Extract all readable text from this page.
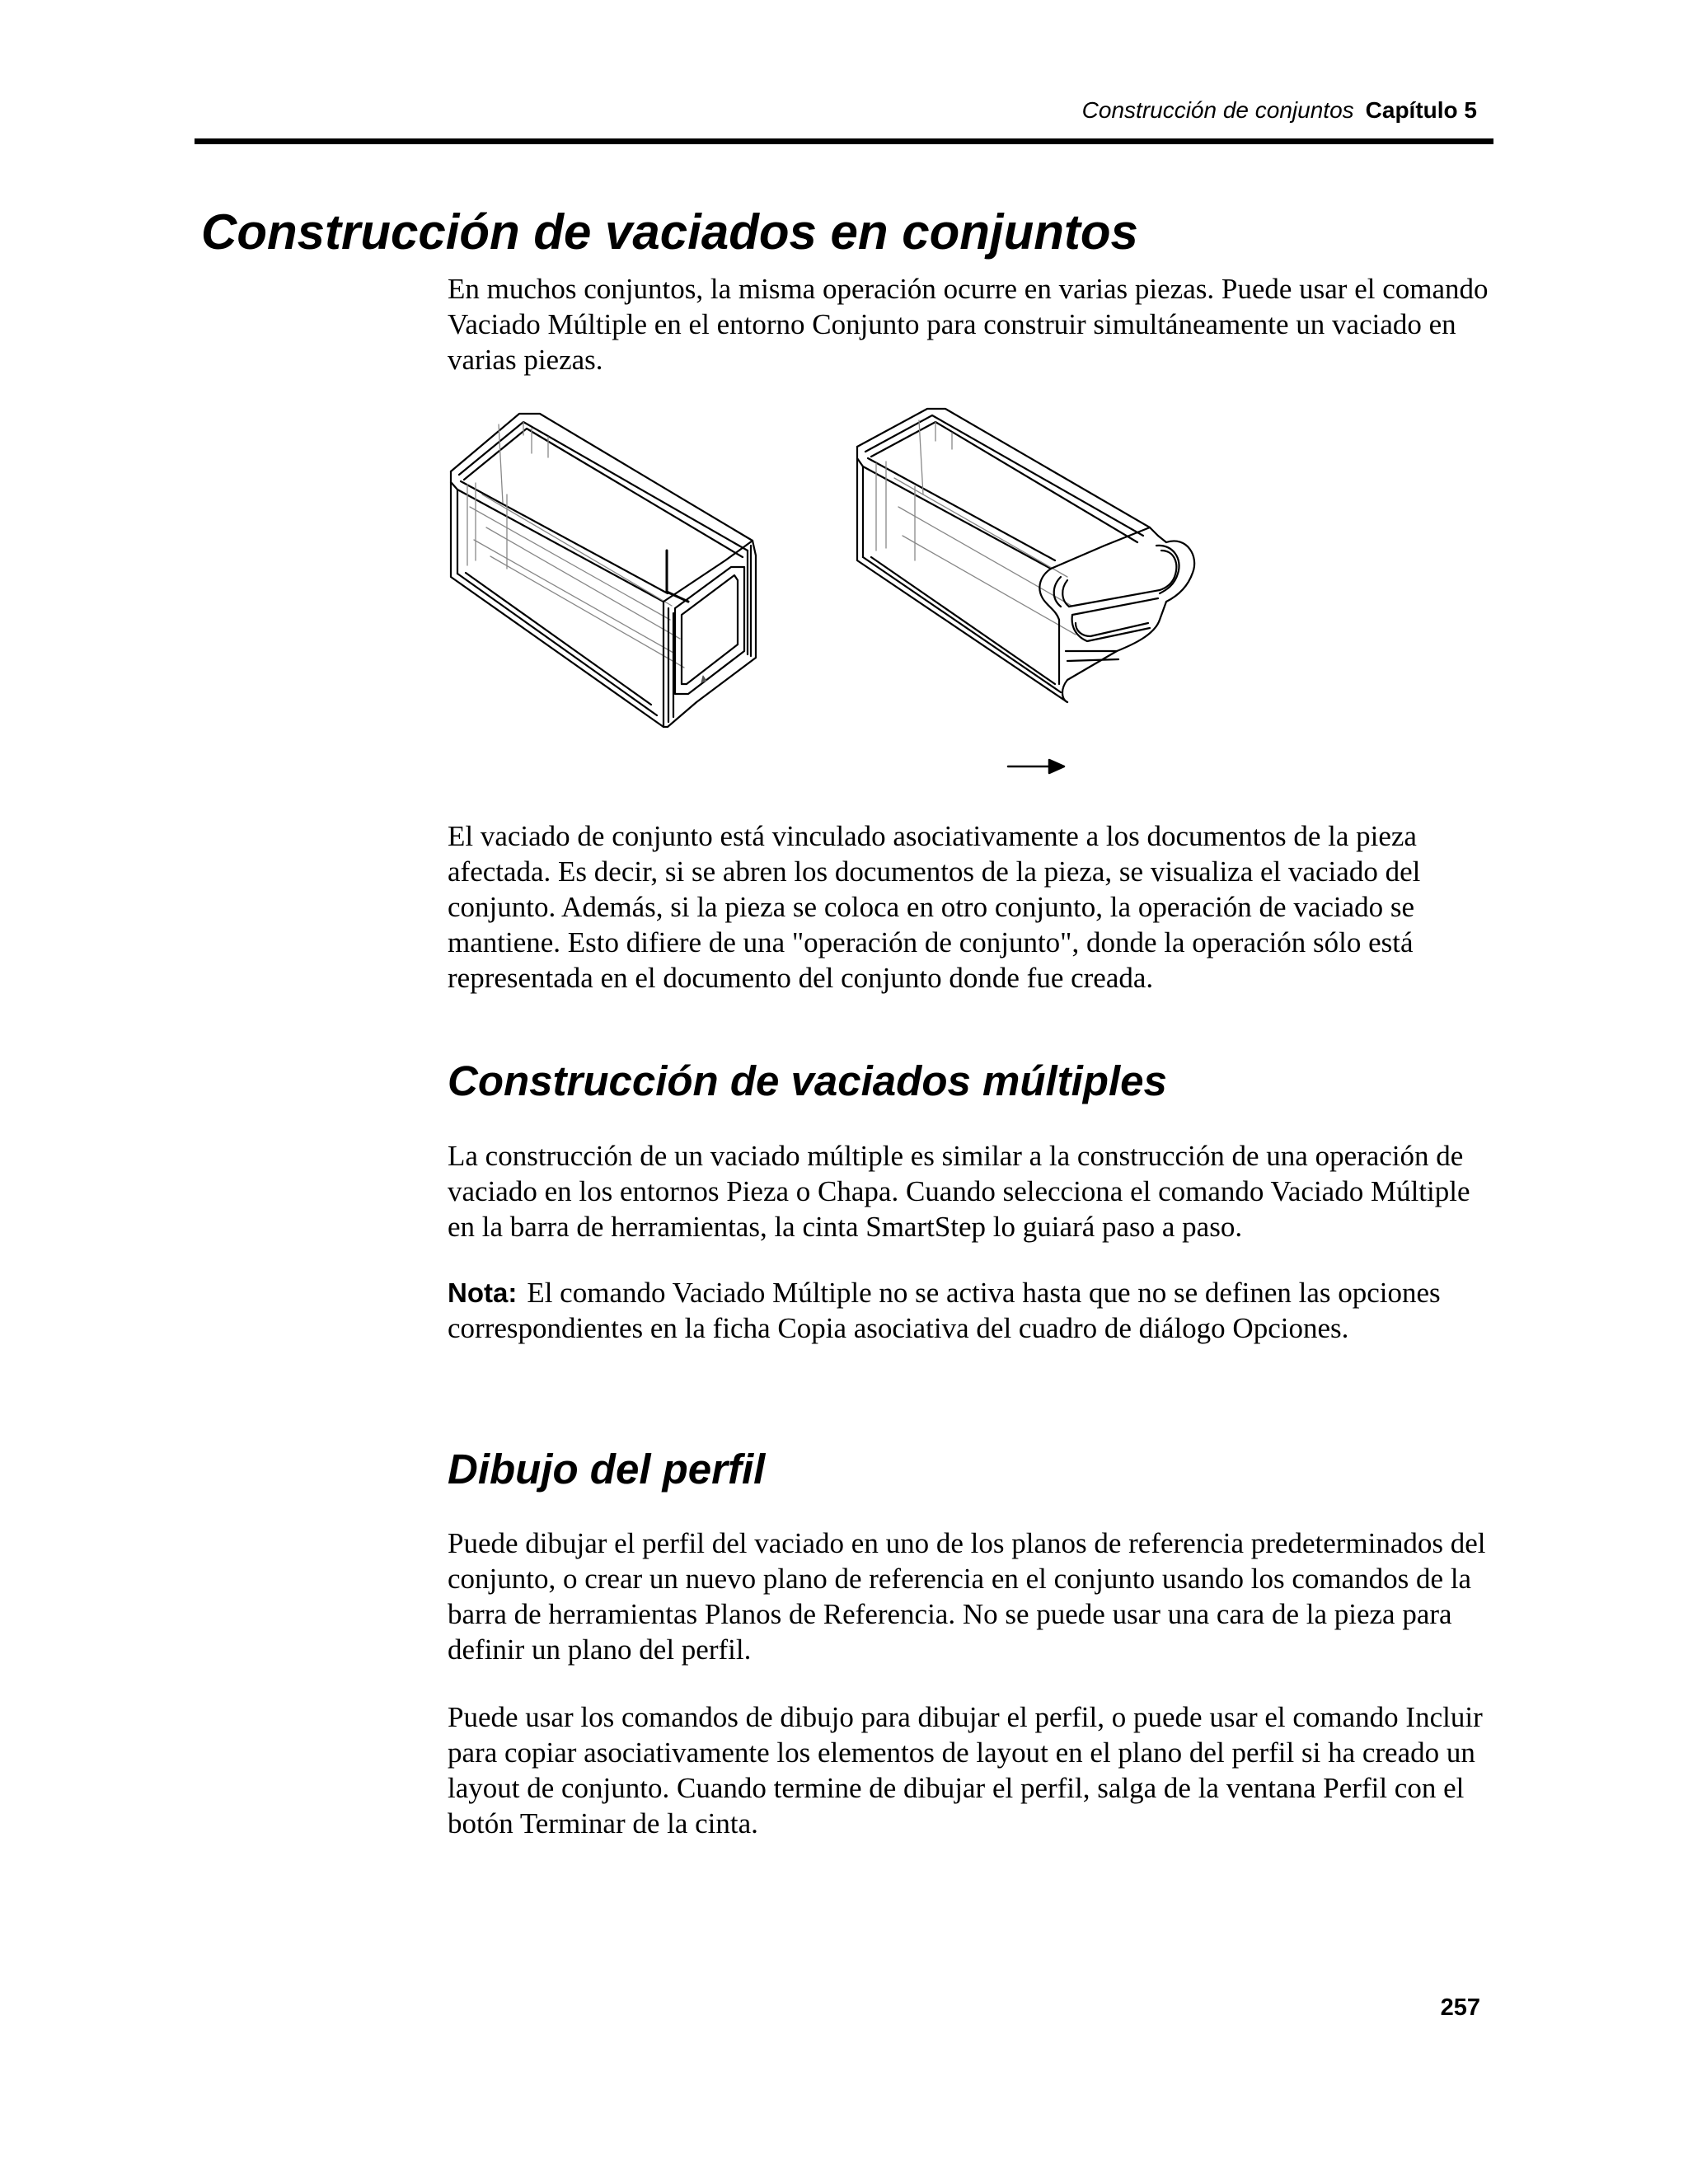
Construcción de conjuntos Capítulo 5
Construcción de vaciados en conjuntos

En muchos conjuntos, la misma operación ocurre en varias piezas. Puede usar el comando Vaciado Múltiple en el entorno Conjunto para construir simultáneamente un vaciado en varias piezas.

El vaciado de conjunto está vinculado asociativamente a los documentos de la pieza afectada. Es decir, si se abren los documentos de la pieza, se visualiza el vaciado del conjunto. Además, si la pieza se coloca en otro conjunto, la operación de vaciado se mantiene. Esto difiere de una "operación de conjunto", donde la operación sólo está representada en el documento del conjunto donde fue creada.

Construcción de vaciados múltiples

La construcción de un vaciado múltiple es similar a la construcción de una operación de vaciado en los entornos Pieza o Chapa. Cuando selecciona el comando Vaciado Múltiple en la barra de herramientas, la cinta SmartStep lo guiará paso a paso.

Nota: El comando Vaciado Múltiple no se activa hasta que no se definen las opciones correspondientes en la ficha Copia asociativa del cuadro de diálogo Opciones.

Dibujo del perfil

Puede dibujar el perfil del vaciado en uno de los planos de referencia predeterminados del conjunto, o crear un nuevo plano de referencia en el conjunto usando los comandos de la barra de herramientas Planos de Referencia. No se puede usar una cara de la pieza para definir un plano del perfil.

Puede usar los comandos de dibujo para dibujar el perfil, o puede usar el comando Incluir para copiar asociativamente los elementos de layout en el plano del perfil si ha creado un layout de conjunto. Cuando termine de dibujar el perfil, salga de la ventana Perfil con el botón Terminar de la cinta.

257
